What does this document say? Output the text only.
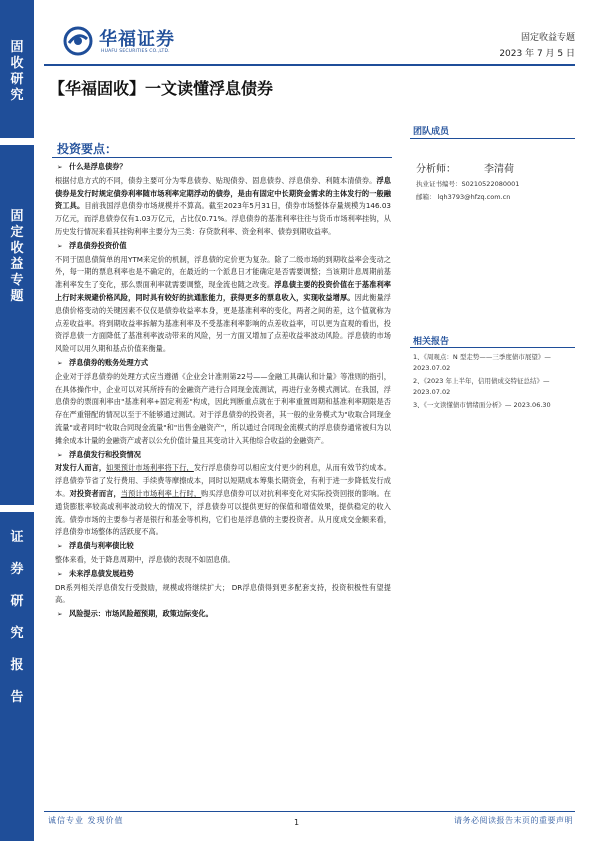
固收研究
固定收益专题
证券研究报告
华福证券
HUAFU SECURITIES CO.,LTD.
固定收益专题
2023 年 7 月 5 日
【华福固收】一文读懂浮息债券
团队成员
分析师：	李清荷
执业证书编号：S0210522080001
邮箱： lqh3793@hfzq.com.cn
相关报告
1、《周观点：N 型走势——三季度债市展望》— 2023.07.02
2、《2023 年上半年，信用债成交特征总结》— 2023.07.02
3、《一文读懂债市情绪面分析》— 2023.06.30
投资要点：
➢ 什么是浮息债券？
根据付息方式的不同，债券主要可分为零息债券、贴现债券、固息债券、浮息债券、利随本清债券。浮息债券是发行时规定债券利率随市场利率定期浮动的债券，是由有固定中长期资金需求的主体发行的一般融资工具。目前我国浮息债券市场规模并不算高。截至2023年5月31日，债券市场整体存量规模为146.03万亿元，而浮息债券仅有1.03万亿元，占比仅0.71%。浮息债券的基准利率往往与货币市场利率挂钩，从历史发行情况来看其挂钩利率主要分为三类：存贷款利率、资金利率、债券到期收益率。
➢ 浮息债券投资价值
不同于固息债简单的用YTM来定价的机制，浮息债的定价更为复杂。除了二级市场的到期收益率会变动之外，每一期的票息利率也是不确定的，在最近的一个派息日才能确定是否需要调整；当该期计息周期前基准利率发生了变化，那么票面利率就需要调整，现金流也随之改变。浮息债主要的投资价值在于基准利率上行时来规避价格风险，同时具有较好的抗通胀能力，获得更多的票息收入，实现收益增厚。因此衡量浮息债价格变动的关键因素不仅仅是债券收益率本身，更是基准利率的变化，两者之间的差，这个值就称为点差收益率。将到期收益率拆解为基准利率及不受基准利率影响的点差收益率，可以更为直观的看出，投资浮息债一方面降低了基准利率波动带来的风险，另一方面又增加了点差收益率波动风险。浮息债的市场风险可以用久期和基点价值来衡量。
➢ 浮息债券的账务处理方式
企业对于浮息债券的处理方式应当遵循《企业会计准则第22号——金融工具确认和计量》等准则的指引，在具体操作中，企业可以对其所持有的金融资产进行合同现金流测试，再进行业务模式测试。在我国，浮息债券的票面利率由"基准利率+固定利差"构成，因此判断重点就在于利率重置周期和基准利率期限是否存在严重错配的情况以至于不能够通过测试。对于浮息债券的投资者，其一般的业务模式为"收取合同现金流量"或者同时"收取合同现金流量"和"出售金融资产"，所以通过合同现金流模式的浮息债券通常被归为以摊余成本计量的金融资产或者以公允价值计量且其变动计入其他综合收益的金融资产。
➢ 浮息债发行和投资情况
对发行人而言，如果预计市场利率将下行，发行浮息债券可以相应支付更少的利息，从而有效节约成本。浮息债券节省了发行费用、手续费等摩擦成本，同时以短期成本筹集长期资金，有利于进一步降低发行成本。对投资者而言，当预计市场利率上行时，购买浮息债券可以对抗利率变化对实际投资回报的影响。在通货膨胀率较高或利率波动较大的情况下，浮息债券可以提供更好的保值和增值效果，提供稳定的收入流。债券市场的主要参与者是银行和基金等机构，它们也是浮息债的主要投资者。从月度成交金额来看，浮息债券市场整体的活跃度不高。
➢ 浮息债与利率债比较
整体来看，处于降息周期中，浮息债的表现不如固息债。
➢ 未来浮息债发展趋势
DR系列相关浮息债发行受鼓励，规模或将继续扩大； DR浮息债得到更多配套支持，投资积极性有望提高。
➢ 风险提示：市场风险超预期，政策边际变化。
诚信专业 发现价值	1	请务必阅读报告末页的重要声明
